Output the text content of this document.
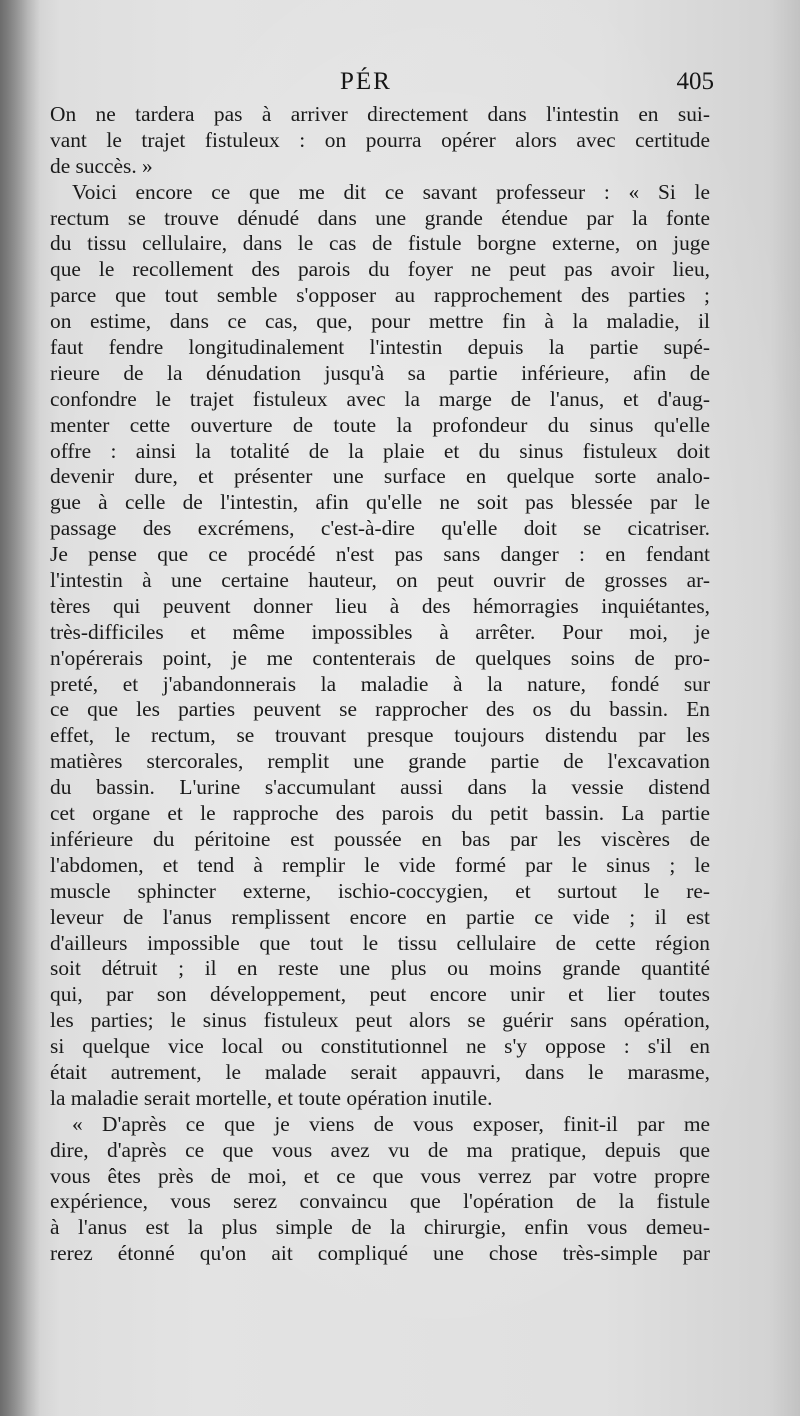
PÉR	405
On ne tardera pas à arriver directement dans l'intestin en sui-
vant le trajet fistuleux : on pourra opérer alors avec certitude
de succès. »
Voici encore ce que me dit ce savant professeur : « Si le
rectum se trouve dénudé dans une grande étendue par la fonte
du tissu cellulaire, dans le cas de fistule borgne externe, on juge
que le recollement des parois du foyer ne peut pas avoir lieu,
parce que tout semble s'opposer au rapprochement des parties ;
on estime, dans ce cas, que, pour mettre fin à la maladie, il
faut fendre longitudinalement l'intestin depuis la partie supé-
rieure de la dénudation jusqu'à sa partie inférieure, afin de
confondre le trajet fistuleux avec la marge de l'anus, et d'aug-
menter cette ouverture de toute la profondeur du sinus qu'elle
offre : ainsi la totalité de la plaie et du sinus fistuleux doit
devenir dure, et présenter une surface en quelque sorte analo-
gue à celle de l'intestin, afin qu'elle ne soit pas blessée par le
passage des excrémens, c'est-à-dire qu'elle doit se cicatriser.
Je pense que ce procédé n'est pas sans danger : en fendant
l'intestin à une certaine hauteur, on peut ouvrir de grosses ar-
tères qui peuvent donner lieu à des hémorragies inquiétantes,
très-difficiles et même impossibles à arrêter. Pour moi, je
n'opérerais point, je me contenterais de quelques soins de pro-
preté, et j'abandonnerais la maladie à la nature, fondé sur
ce que les parties peuvent se rapprocher des os du bassin. En
effet, le rectum, se trouvant presque toujours distendu par les
matières stercorales, remplit une grande partie de l'excavation
du bassin. L'urine s'accumulant aussi dans la vessie distend
cet organe et le rapproche des parois du petit bassin. La partie
inférieure du péritoine est poussée en bas par les viscères de
l'abdomen, et tend à remplir le vide formé par le sinus ; le
muscle sphincter externe, ischio-coccygien, et surtout le re-
leveur de l'anus remplissent encore en partie ce vide ; il est
d'ailleurs impossible que tout le tissu cellulaire de cette région
soit détruit ; il en reste une plus ou moins grande quantité
qui, par son développement, peut encore unir et lier toutes
les parties; le sinus fistuleux peut alors se guérir sans opération,
si quelque vice local ou constitutionnel ne s'y oppose : s'il en
était autrement, le malade serait appauvri, dans le marasme,
la maladie serait mortelle, et toute opération inutile.
« D'après ce que je viens de vous exposer, finit-il par me
dire, d'après ce que vous avez vu de ma pratique, depuis que
vous êtes près de moi, et ce que vous verrez par votre propre
expérience, vous serez convaincu que l'opération de la fistule
à l'anus est la plus simple de la chirurgie, enfin vous demeu-
rerez étonné qu'on ait compliqué une chose très-simple par
